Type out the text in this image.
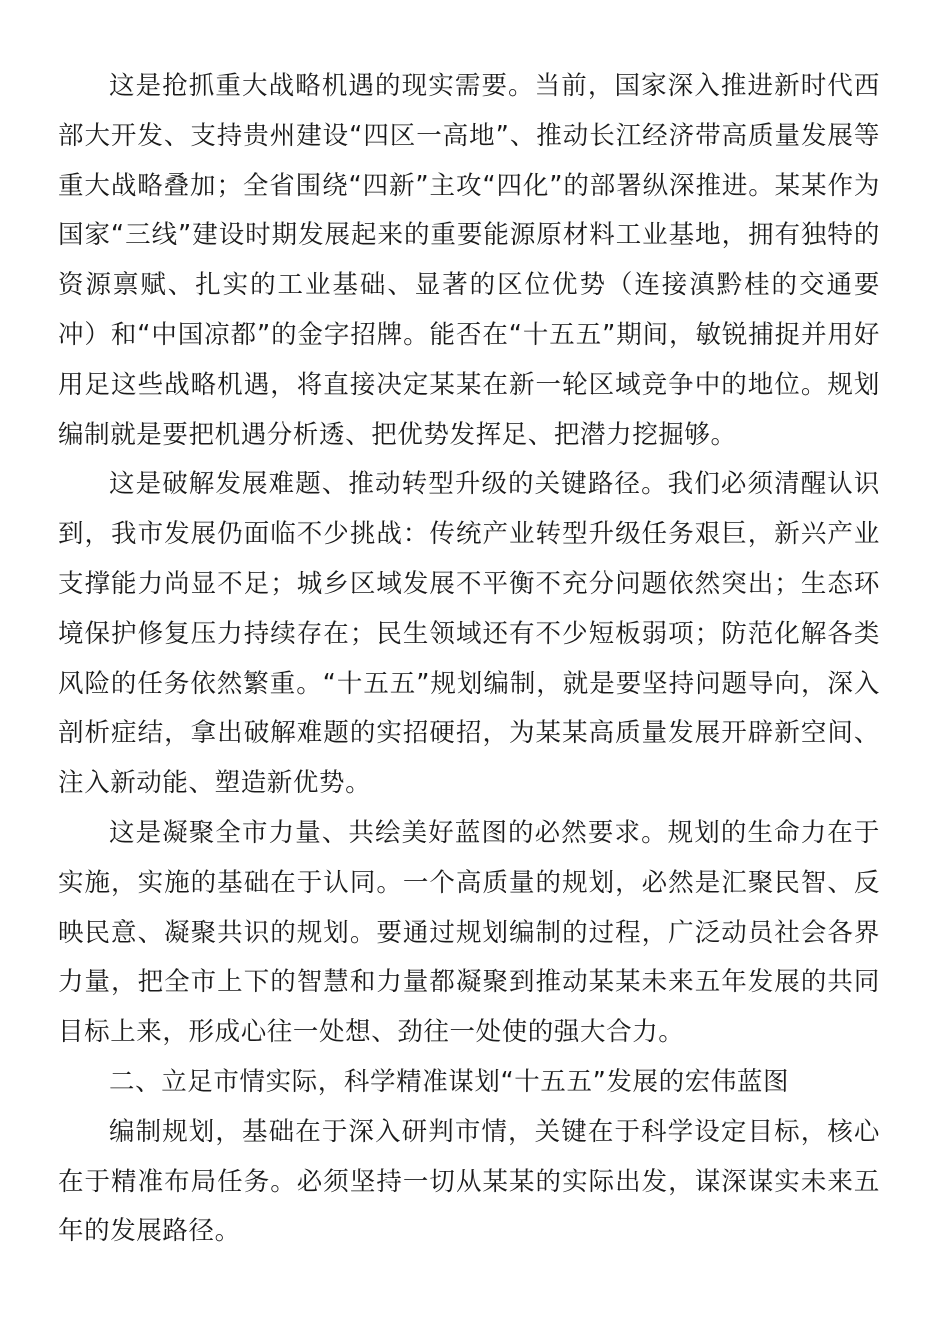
这是抢抓重大战略机遇的现实需要。当前，国家深入推进新时代西部大开发、支持贵州建设“四区一高地”、推动长江经济带高质量发展等重大战略叠加；全省围绕“四新”主攻“四化”的部署纵深推进。某某作为国家“三线”建设时期发展起来的重要能源原材料工业基地，拥有独特的资源禀赋、扎实的工业基础、显著的区位优势（连接滇黔桂的交通要冲）和“中国凉都”的金字招牌。能否在“十五五”期间，敏锐捕捉并用好用足这些战略机遇，将直接决定某某在新一轮区域竞争中的地位。规划编制就是要把机遇分析透、把优势发挥足、把潜力挖掘够。

这是破解发展难题、推动转型升级的关键路径。我们必须清醒认识到，我市发展仍面临不少挑战：传统产业转型升级任务艰巨，新兴产业支撑能力尚显不足；城乡区域发展不平衡不充分问题依然突出；生态环境保护修复压力持续存在；民生领域还有不少短板弱项；防范化解各类风险的任务依然繁重。“十五五”规划编制，就是要坚持问题导向，深入剖析症结，拿出破解难题的实招硬招，为某某高质量发展开辟新空间、注入新动能、塑造新优势。

这是凝聚全市力量、共绘美好蓝图的必然要求。规划的生命力在于实施，实施的基础在于认同。一个高质量的规划，必然是汇聚民智、反映民意、凝聚共识的规划。要通过规划编制的过程，广泛动员社会各界力量，把全市上下的智慧和力量都凝聚到推动某某未来五年发展的共同目标上来，形成心往一处想、劲往一处使的强大合力。

二、立足市情实际，科学精准谋划“十五五”发展的宏伟蓝图

编制规划，基础在于深入研判市情，关键在于科学设定目标，核心在于精准布局任务。必须坚持一切从某某的实际出发，谋深谋实未来五年的发展路径。
